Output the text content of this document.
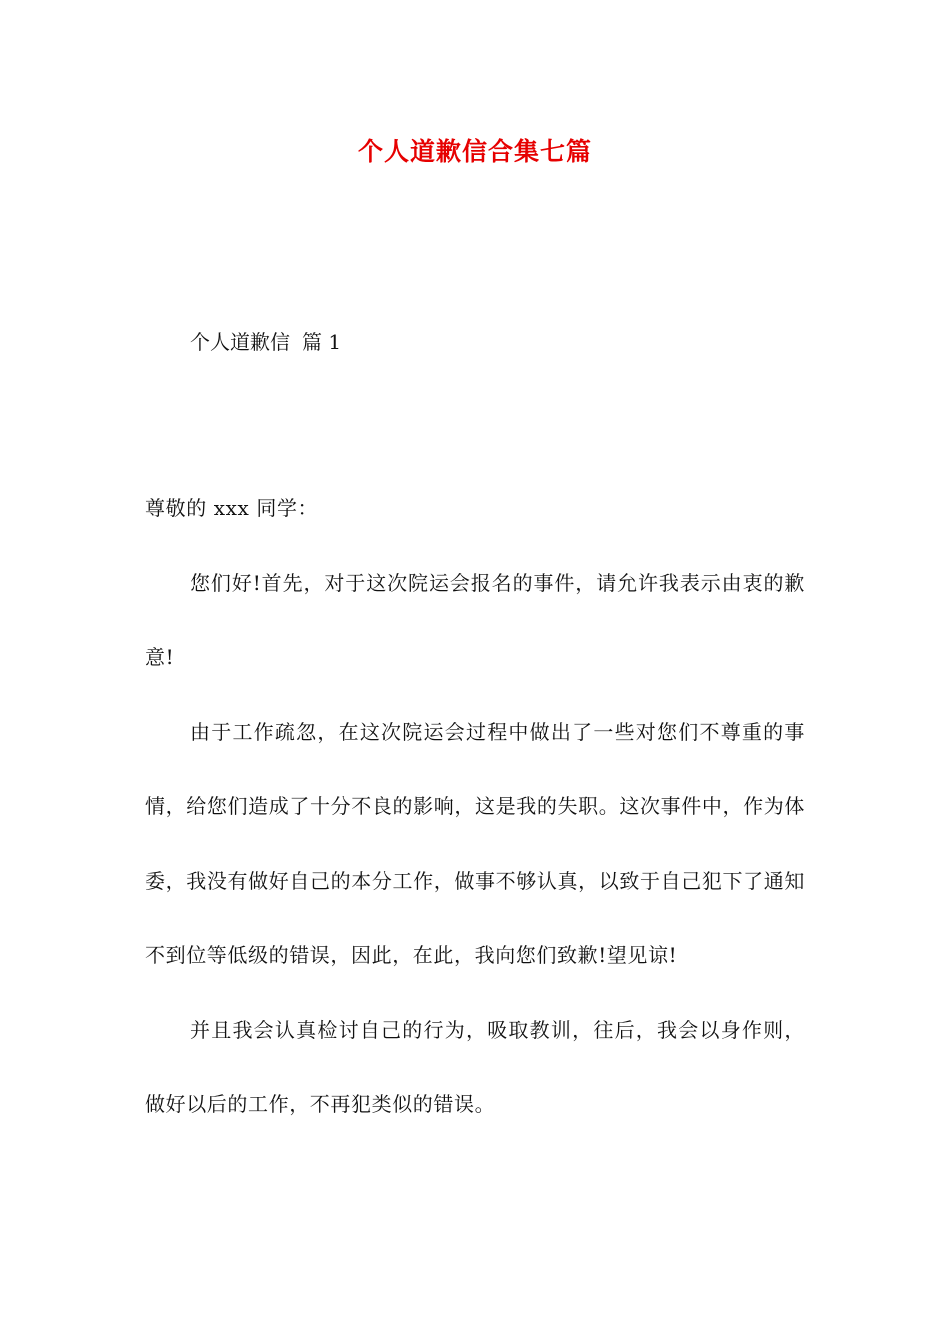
个人道歉信合集七篇
个人道歉信 篇 1

尊敬的 xxx 同学：

您们好!首先，对于这次院运会报名的事件，请允许我表示由衷的歉意!

由于工作疏忽，在这次院运会过程中做出了一些对您们不尊重的事情，给您们造成了十分不良的影响，这是我的失职。这次事件中，作为体委，我没有做好自己的本分工作，做事不够认真，以致于自己犯下了通知不到位等低级的错误，因此，在此，我向您们致歉!望见谅!

并且我会认真检讨自己的行为，吸取教训，往后，我会以身作则，做好以后的工作，不再犯类似的错误。
